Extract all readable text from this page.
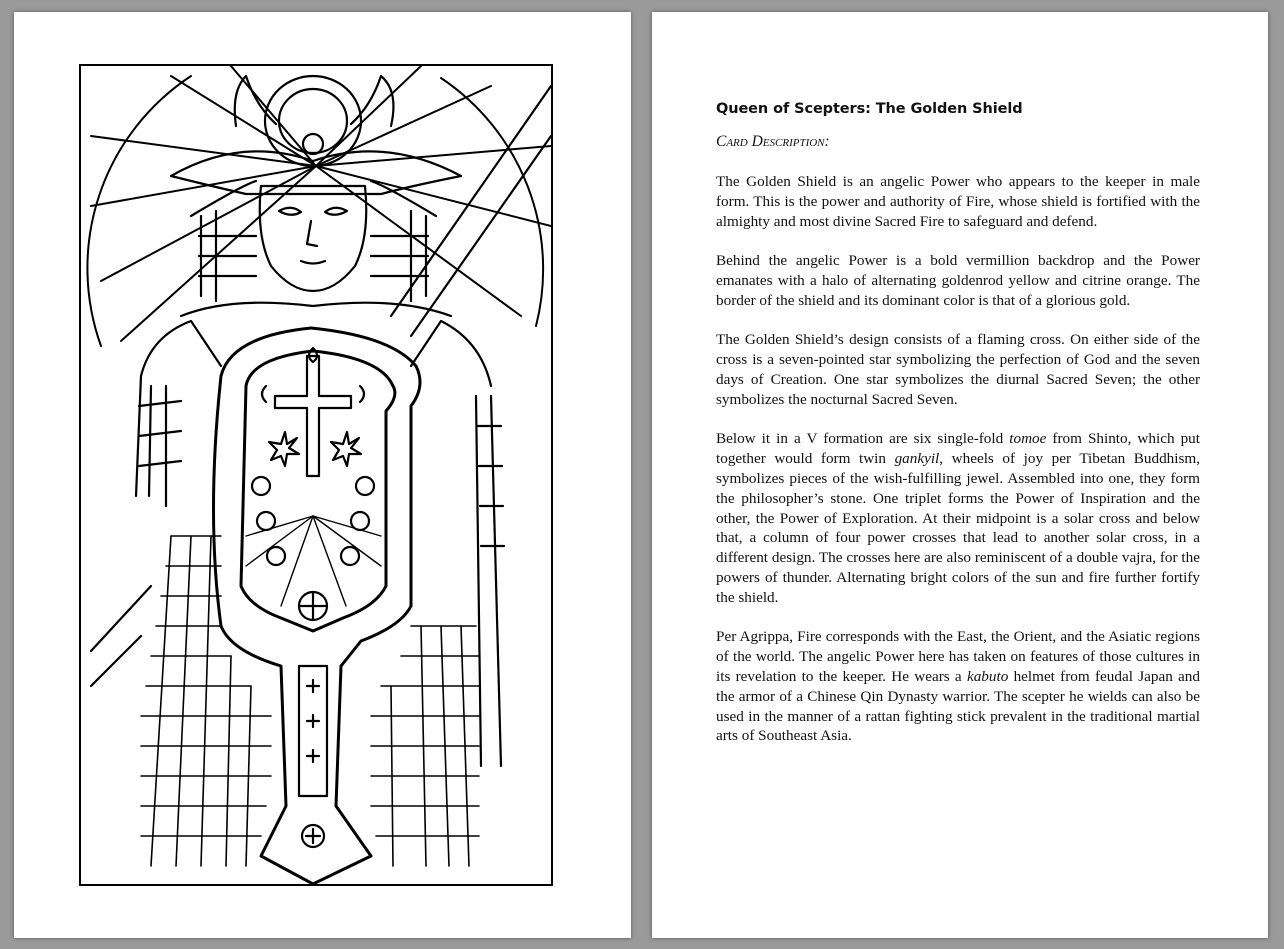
Queen of Scepters: The Golden Shield
Card Description:

The Golden Shield is an angelic Power who appears to the keeper in male form. This is the power and authority of Fire, whose shield is fortified with the almighty and most divine Sacred Fire to safeguard and defend.

Behind the angelic Power is a bold vermillion backdrop and the Power emanates with a halo of alternating goldenrod yellow and citrine orange. The border of the shield and its dominant color is that of a glorious gold.

The Golden Shield’s design consists of a flaming cross. On either side of the cross is a seven-pointed star symbolizing the perfection of God and the seven days of Creation. One star symbolizes the diurnal Sacred Seven; the other symbolizes the nocturnal Sacred Seven.

Below it in a V formation are six single-fold tomoe from Shinto, which put together would form twin gankyil, wheels of joy per Tibetan Buddhism, symbolizes pieces of the wish-fulfilling jewel. Assembled into one, they form the philosopher’s stone. One triplet forms the Power of Inspiration and the other, the Power of Exploration. At their midpoint is a solar cross and below that, a column of four power crosses that lead to another solar cross, in a different design. The crosses here are also reminiscent of a double vajra, for the powers of thunder. Alternating bright colors of the sun and fire further fortify the shield.

Per Agrippa, Fire corresponds with the East, the Orient, and the Asiatic regions of the world. The angelic Power here has taken on features of those cultures in its revelation to the keeper. He wears a kabuto helmet from feudal Japan and the armor of a Chinese Qin Dynasty warrior. The scepter he wields can also be used in the manner of a rattan fighting stick prevalent in the traditional martial arts of Southeast Asia.
